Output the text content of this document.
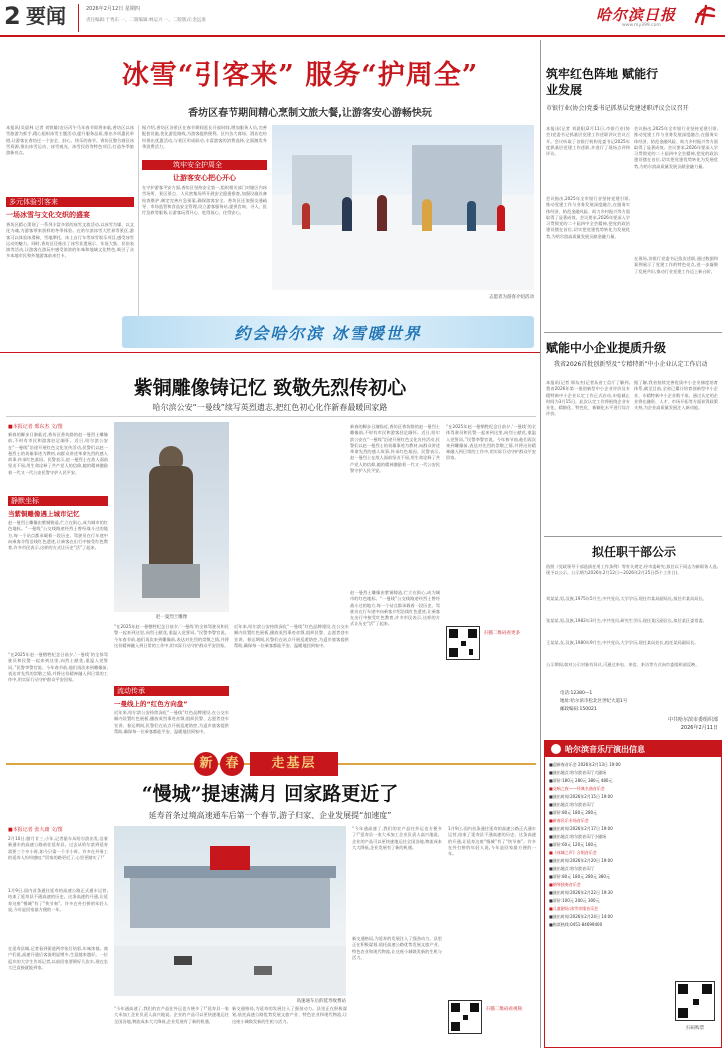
2 要闻	2026年2月12日 星期四
责任编辑:于秀东 一、二版编辑:林运兴 一、二版版式:金远准	哈尔滨日报
www.my399.com
冰雪“引客来” 服务“护周全”
香坊区春节期间精心烹制文旅大餐,让游客安心游畅快玩
本报讯(吴晨林 记者 刘铁雄)农历丙午马年春节即将来临,香坊区以冰雪旅游为抓手,精心组织冰雪主题活动,提升服务品质,推出多项惠民举措,让游客在香坊过一个安全、舒心、快乐的春节。香坊区整合辖区冰雪资源,推出冰雪运动、冰雪观光、冰雪民俗等特色项目,打造冬季旅游新亮点。
多元体验引客来
一场冰雪与文化交织的盛宴
香坊区精心策划了一系列丰富多彩的冰雪文旅活动,以冰雪为媒、以文化为魂,为游客带来别样的冬季体验。在哈尔滨冰雪大世界等景区,游客可以体验冰滑梯、雪地摩托、冰上自行车等冰雪娱乐项目,感受冰雪运动的魅力。同时,香坊区还推出了冰雪非遗展示、年货大集、民俗表演等活动,让游客在游玩中感受浓浓的年味和地域文化特色,吸引了众多本地市民和外地游客前来打卡。
据介绍,香坊区各景区在春节期间延长开放时间,增加服务人员,完善配套设施,优化游览路线,为游客提供便利。区内各大商场、酒店也纷纷推出优惠活动,与景区形成联动,丰富游客的消费选择,全面激发冬季消费活力。
筑牢安全护周全
让游客安心把心开心
在守护游客平安方面,香坊区坚持安全第一,组织相关部门对辖区内冰雪场所、景区景点、人员密集场所开展安全隐患排查,加强设施设备检查维护,制定完善应急预案,确保游客安全。香坊区还加强交通疏导、市场监管和食品安全管理,设立游客服务站,提供咨询、寻人、医疗急救等服务,让游客玩得开心、吃得放心、住得安心。
志愿者为游客介绍活动
约会哈尔滨 冰雪暖世界
紫铜雕像铸记忆 致敬先烈传初心
哈尔滨公安“一曼线”续写英烈遗志,把红色初心化作新春最暖回家路
■本报记者 邢东杰 文/图
新春的脚步日渐临近,香坊区香坊路的赵一曼烈士雕像前,不时有市民和游客驻足缅怀。近日,哈尔滨公安在“一曼线”沿途开展红色文化宣传活动,民警们以赵一曼烈士的英雄事迹为教材,向群众讲述革命先烈的感人故事,传承红色基因。民警表示,赵一曼烈士在敌人面前坚贞不屈,用生命诠释了共产党人的信仰,她的精神激励着一代又一代公安民警守护人民平安。
静默坐标
当紫铜雕像遇上城市记忆
赵一曼烈士雕像由紫铜铸造,伫立在街心,成为城市的红色地标。“一曼线”公交线路途经烈士曾经战斗过的地方,每一个站点都承载着一段历史。驾驶员在行车途中向乘客介绍沿线红色遗迹,让乘客在出行中接受红色教育,许多市民表示,这样的方式让历史“活”了起来。
“在2025年赵一曼牺牲纪念日前夕,‘一曼线’的全体驾驶员和民警一起来到这里,向烈士献花,重温入党誓词。”民警李警官说。今年春节前,他们再次来到雕像前,表达对先烈的崇敬之情,并将这份精神融入到日常的工作中,用实际行动守护群众平安回家。
赵一曼烈士雕像
“在2025年赵一曼牺牲纪念日前夕,‘一曼线’的全体驾驶员和民警一起来到这里,向烈士献花,重温入党誓词。”民警李警官说。今年春节前,他们再次来到雕像前,表达对先烈的崇敬之情,并将这份精神融入到日常的工作中,用实际行动守护群众平安回家。
流动传承
一曼线上的“红色方向盘”
近年来,哈尔滨公安持续深化“一曼线”红色品牌建设,在公交车厢内设置红色展板,播放英烈事迹音频,组织民警、志愿者登车宣讲。春运期间,民警们在站点开展巡逻防控,为返乡旅客提供帮助,确保每一位乘客都能平安、温暖地回到家中。
近年来,哈尔滨公安持续深化“一曼线”红色品牌建设,在公交车厢内设置红色展板,播放英烈事迹音频,组织民警、志愿者登车宣讲。春运期间,民警们在站点开展巡逻防控,为返乡旅客提供帮助,确保每一位乘客都能平安、温暖地回到家中。
新春的脚步日渐临近,香坊区香坊路的赵一曼烈士雕像前,不时有市民和游客驻足缅怀。近日,哈尔滨公安在“一曼线”沿途开展红色文化宣传活动,民警们以赵一曼烈士的英雄事迹为教材,向群众讲述革命先烈的感人故事,传承红色基因。民警表示,赵一曼烈士在敌人面前坚贞不屈,用生命诠释了共产党人的信仰,她的精神激励着一代又一代公安民警守护人民平安。
赵一曼烈士雕像由紫铜铸造,伫立在街心,成为城市的红色地标。“一曼线”公交线路途经烈士曾经战斗过的地方,每一个站点都承载着一段历史。驾驶员在行车途中向乘客介绍沿线红色遗迹,让乘客在出行中接受红色教育,许多市民表示,这样的方式让历史“活”了起来。
扫描二维码看更多
“在2025年赵一曼牺牲纪念日前夕,‘一曼线’的全体驾驶员和民警一起来到这里,向烈士献花,重温入党誓词。”民警李警官说。今年春节前,他们再次来到雕像前,表达对先烈的崇敬之情,并将这份精神融入到日常的工作中,用实际行动守护群众平安回家。
新 春	走基层
“慢城”提速满月 回家路更近了
延寿首条过境高速通车后第一个春节,游子归家、企业发展提“加速度”
■本报记者 张大庸 文/图
2月10日,腊月廿三,小年,记者驱车从哈尔滨出发,沿着新通车的高速公路前往延寿县。过去从哈尔滨到延寿需要三个多小时,如今只需一个半小时。许多在外务工的延寿人纷纷感叹:“回家的路更近了,心里更踏实了!”
1月9日,国内首条通往延寿的高速公路正式通车运营,结束了延寿县不通高速的历史。这条高速的开通,让延寿这座“慢城”有了“快节奏”。许多在外打拼的年轻人说,今年是回家最方便的一年。
在延寿县城,记者看到街道两旁张灯结彩,年味浓郁。商户们说,高速开通后客流明显增多,生意越来越好。一位返乡的大学生告诉记者,以前回家要倒好几次车,现在坐大巴直接就能到家。
高速通车后的延寿收费站
“今年通高速了,我们的农产品往外运也方便多了!”延寿县一家大米加工企业负责人高兴地说。企业的产品可以更快速地运往全国各地,物流成本大大降低,企业发展有了新的机遇。
新交通格局,为延寿的发展注入了强劲动力。县里正在积极谋划,依托高速公路优势发展文旅产业、特色农业和现代物流,让这座小城焕发新的生机与活力。
“今年通高速了,我们的农产品往外运也方便多了!”延寿县一家大米加工企业负责人高兴地说。企业的产品可以更快速地运往全国各地,物流成本大大降低,企业发展有了新的机遇。
新交通格局,为延寿的发展注入了强劲动力。县里正在积极谋划,依托高速公路优势发展文旅产业、特色农业和现代物流,让这座小城焕发新的生机与活力。
扫描二维码看视频
1月9日,国内首条通往延寿的高速公路正式通车运营,结束了延寿县不通高速的历史。这条高速的开通,让延寿这座“慢城”有了“快节奏”。许多在外打拼的年轻人说,今年是回家最方便的一年。
筑牢红色阵地 赋能行业发展
市银行业(协会)党委书记抓基层党建述职评议会议召开
本报讯(记者 刘晨阳)2月11日,市银行业(协会)党委书记抓基层党建工作述职评议会议召开。会议听取了各银行机构党委书记2025年度抓基层党建工作述职,并进行了现场点评和评议。
会议指出,2025年全市银行业坚持党建引领,推动党建工作与业务发展深度融合,在服务实体经济、防范金融风险、助力乡村振兴等方面取得了显著成效。会议要求,2026年要深入学习贯彻党的二十届四中全会精神,把党的政治建设摆在首位,切实把党建优势转化为发展优势,为哈尔滨高质量发展贡献金融力量。
会议指出,2025年全市银行业坚持党建引领,推动党建工作与业务发展深度融合,在服务实体经济、防范金融风险、助力乡村振兴等方面取得了显著成效。会议要求,2026年要深入学习贯彻党的二十届四中全会精神,把党的政治建设摆在首位,切实把党建优势转化为发展优势,为哈尔滨高质量发展贡献金融力量。
在现场,各银行党委书记依次述职,通过数据和案例展示了党建工作的特色亮点,进一步凝聚了发展共识,推动行业党建工作迈上新台阶。
赋能中小企业提质升级
我省2026首批创新型及“专精特新”中小企业认定工作启动
本报讯(记者 邢东杰)记者从省工信厅了解到,我省2026年第一批创新型中小企业评价及专精特新中小企业认定工作正式启动,申报截止时间为3月15日。此次认定工作将围绕企业专业化、精细化、特色化、新颖化水平进行综合评价。
据了解,我省持续完善优质中小企业梯度培育体系,截至目前,全省已累计培育创新型中小企业、专精特新中小企业数千家。通过认定的企业将在融资、人才、市场开拓等方面获得政策支持,为企业高质量发展注入新动能。
拟任职干部公示
依照《党政领导干部选拔任用工作条例》等有关规定,经市委研究,拟任以下同志为新职务人选,现予以公示。公示期为2026年2月12日—2026年2月25日(5个工作日)。
刘某某,男,汉族,1975年5月生,中共党员,大学学历,现任市某局副局长,拟任市某局局长。
张某某,男,汉族,1982年3月生,中共党员,研究生学历,现任某区副区长,拟任某区委常委。
王某某,女,汉族,1980年9月生,中共党员,大学学历,现任某局处长,拟任某局副局长。
公示期间,如对公示对象有异议,可通过来电、来信、来访等方式向市委组织部反映。
电话:12380—1
地址:哈尔滨市松北区世纪大道1号
邮政编码:150021
中共哈尔滨市委组织部
2026年2月11日
哈尔滨音乐厅演出信息
■迎新春音乐会 2026年2月13日 19:00
■演出地点:哈尔滨音乐厅大剧场
■票价:180元 280元 380元 480元
■交响之夜——经典名曲音乐会
■演出时间:2026年2月15日 19:00
■演出地点:哈尔滨音乐厅
■票价:80元 180元 280元
■新春民乐专场音乐会
■演出时间:2026年2月17日 19:00
■演出地点:哈尔滨音乐厅小剧场
■票价:60元 120元 180元
■《冰城之声》合唱音乐会
■演出时间:2026年2月20日 19:00
■演出地点:哈尔滨音乐厅
■票价:80元 180元 280元 380元
■钢琴独奏音乐会
■演出时间:2026年2月22日 19:30
■票价:100元 200元 300元
■儿童剧场:冰雪奇缘音乐会
■演出时间:2026年2月24日 14:00
■购票热线:0451-84699400
扫码购票
